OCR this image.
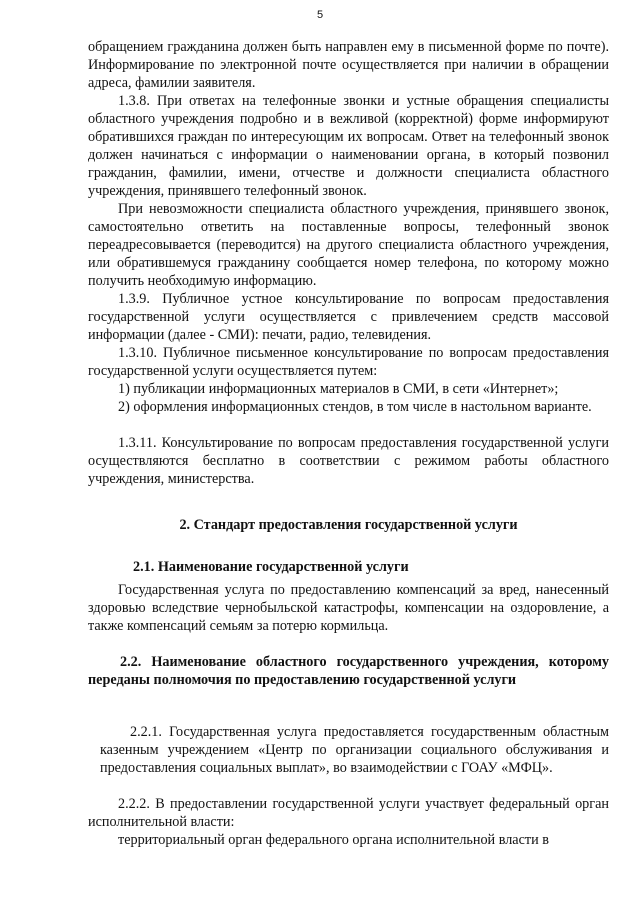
5
обращением гражданина должен быть направлен ему в письменной форме по почте). Информирование по электронной почте осуществляется при наличии в обращении адреса, фамилии заявителя.
1.3.8. При ответах на телефонные звонки и устные обращения специалисты областного учреждения подробно и в вежливой (корректной) форме информируют обратившихся граждан по интересующим их вопросам. Ответ на телефонный звонок должен начинаться с информации о наименовании органа, в который позвонил гражданин, фамилии, имени, отчестве и должности специалиста областного учреждения, принявшего телефонный звонок.
При невозможности специалиста областного учреждения, принявшего звонок, самостоятельно ответить на поставленные вопросы, телефонный звонок переадресовывается (переводится) на другого специалиста областного учреждения, или обратившемуся гражданину сообщается номер телефона, по которому можно получить необходимую информацию.
1.3.9. Публичное устное консультирование по вопросам предоставления государственной услуги осуществляется с привлечением средств массовой информации (далее - СМИ): печати, радио, телевидения.
1.3.10. Публичное письменное консультирование по вопросам предоставления государственной услуги осуществляется путем:
1) публикации информационных материалов в СМИ, в сети «Интернет»;
2) оформления информационных стендов, в том числе в настольном варианте.
1.3.11. Консультирование по вопросам предоставления государственной услуги осуществляются бесплатно в соответствии с режимом работы областного учреждения, министерства.
2. Стандарт предоставления государственной услуги
2.1. Наименование государственной услуги
Государственная услуга по предоставлению компенсаций за вред, нанесенный здоровью вследствие чернобыльской катастрофы, компенсации на оздоровление, а также компенсаций семьям за потерю кормильца.
2.2. Наименование областного государственного учреждения, которому переданы полномочия по предоставлению государственной услуги
2.2.1. Государственная услуга предоставляется государственным областным казенным учреждением «Центр по организации социального обслуживания и предоставления социальных выплат», во взаимодействии с ГОАУ «МФЦ».
2.2.2. В предоставлении государственной услуги участвует федеральный орган исполнительной власти:
территориальный орган федерального органа исполнительной власти в
